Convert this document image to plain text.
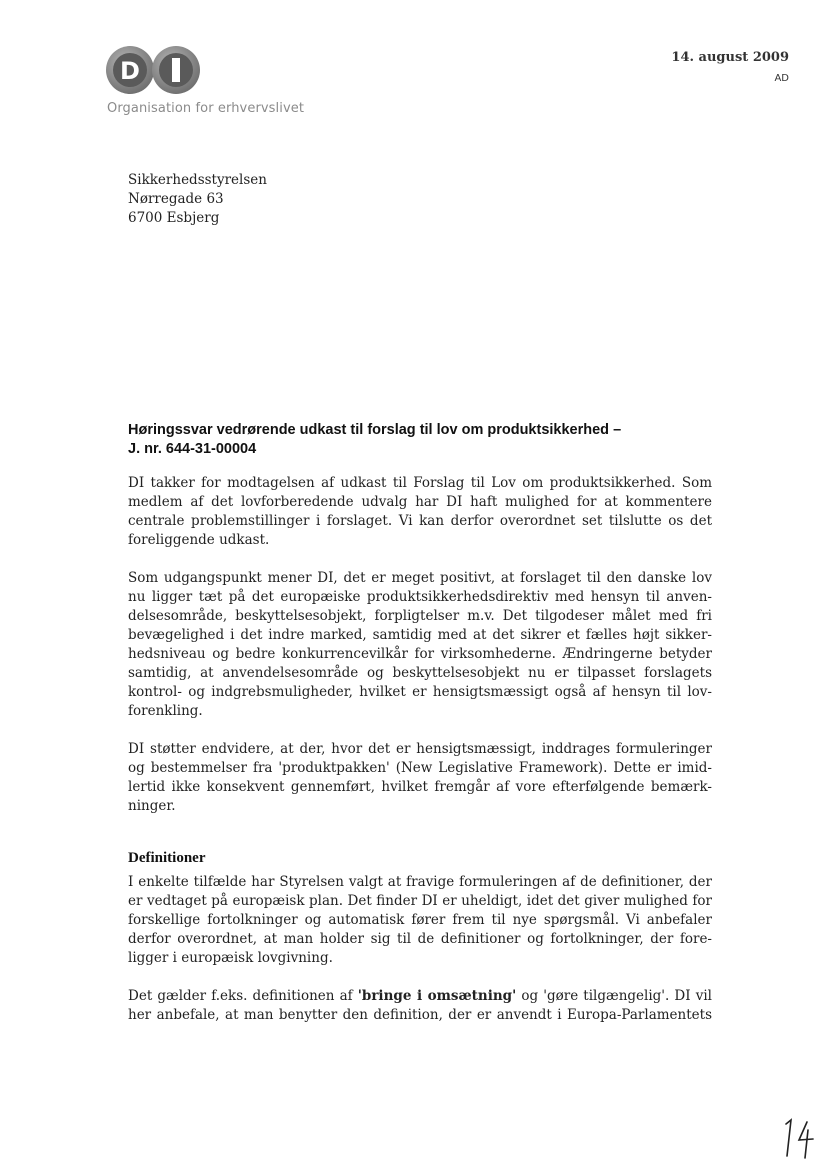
D
Organisation for erhvervslivet
14. august 2009
AD
Sikkerhedsstyrelsen
Nørregade 63
6700 Esbjerg
Høringssvar vedrørende udkast til forslag til lov om produktsikkerhed –
J. nr. 644-31-00004
DI takker for modtagelsen af udkast til Forslag til Lov om produktsikkerhed. Som
medlem af det lovforberedende udvalg har DI haft mulighed for at kommentere
centrale problemstillinger i forslaget. Vi kan derfor overordnet set tilslutte os det
foreliggende udkast.
Som udgangspunkt mener DI, det er meget positivt, at forslaget til den danske lov
nu ligger tæt på det europæiske produktsikkerhedsdirektiv med hensyn til anven-
delsesområde, beskyttelsesobjekt, forpligtelser m.v. Det tilgodeser målet med fri
bevægelighed i det indre marked, samtidig med at det sikrer et fælles højt sikker-
hedsniveau og bedre konkurrencevilkår for virksomhederne. Ændringerne betyder
samtidig, at anvendelsesområde og beskyttelsesobjekt nu er tilpasset forslagets
kontrol- og indgrebsmuligheder, hvilket er hensigtsmæssigt også af hensyn til lov-
forenkling.
DI støtter endvidere, at der, hvor det er hensigtsmæssigt, inddrages formuleringer
og bestemmelser fra 'produktpakken' (New Legislative Framework). Dette er imid-
lertid ikke konsekvent gennemført, hvilket fremgår af vore efterfølgende bemærk-
ninger.
Definitioner
I enkelte tilfælde har Styrelsen valgt at fravige formuleringen af de definitioner, der
er vedtaget på europæisk plan. Det finder DI er uheldigt, idet det giver mulighed for
forskellige fortolkninger og automatisk fører frem til nye spørgsmål. Vi anbefaler
derfor overordnet, at man holder sig til de definitioner og fortolkninger, der fore-
ligger i europæisk lovgivning.
Det gælder f.eks. definitionen af 'bringe i omsætning' og 'gøre tilgængelig'. DI vil
her anbefale, at man benytter den definition, der er anvendt i Europa-Parlamentets
